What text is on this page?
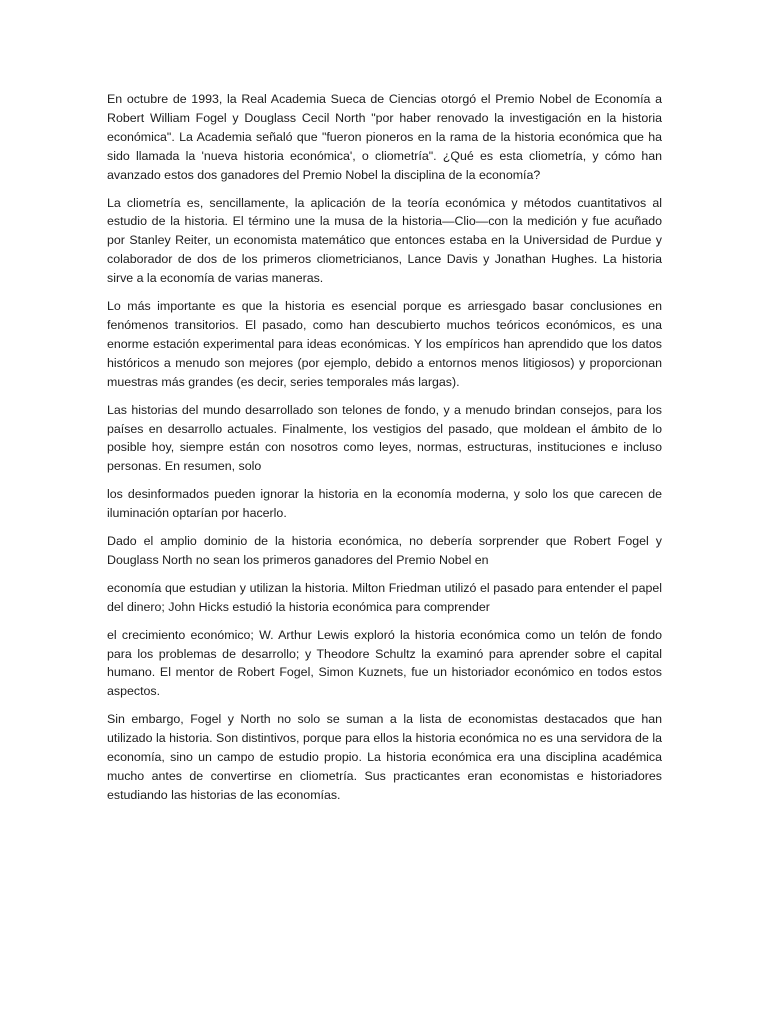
En octubre de 1993, la Real Academia Sueca de Ciencias otorgó el Premio Nobel de Economía a Robert William Fogel y Douglass Cecil North "por haber renovado la investigación en la historia económica". La Academia señaló que "fueron pioneros en la rama de la historia económica que ha sido llamada la 'nueva historia económica', o cliometría". ¿Qué es esta cliometría, y cómo han avanzado estos dos ganadores del Premio Nobel la disciplina de la economía?

La cliometría es, sencillamente, la aplicación de la teoría económica y métodos cuantitativos al estudio de la historia. El término une la musa de la historia—Clio—con la medición y fue acuñado por Stanley Reiter, un economista matemático que entonces estaba en la Universidad de Purdue y colaborador de dos de los primeros cliometricianos, Lance Davis y Jonathan Hughes. La historia sirve a la economía de varias maneras.

Lo más importante es que la historia es esencial porque es arriesgado basar conclusiones en fenómenos transitorios. El pasado, como han descubierto muchos teóricos económicos, es una enorme estación experimental para ideas económicas. Y los empíricos han aprendido que los datos históricos a menudo son mejores (por ejemplo, debido a entornos menos litigiosos) y proporcionan muestras más grandes (es decir, series temporales más largas).

Las historias del mundo desarrollado son telones de fondo, y a menudo brindan consejos, para los países en desarrollo actuales. Finalmente, los vestigios del pasado, que moldean el ámbito de lo posible hoy, siempre están con nosotros como leyes, normas, estructuras, instituciones e incluso personas. En resumen, solo

los desinformados pueden ignorar la historia en la economía moderna, y solo los que carecen de iluminación optarían por hacerlo.

Dado el amplio dominio de la historia económica, no debería sorprender que Robert Fogel y Douglass North no sean los primeros ganadores del Premio Nobel en

economía que estudian y utilizan la historia. Milton Friedman utilizó el pasado para entender el papel del dinero; John Hicks estudió la historia económica para comprender

el crecimiento económico; W. Arthur Lewis exploró la historia económica como un telón de fondo para los problemas de desarrollo; y Theodore Schultz la examinó para aprender sobre el capital humano. El mentor de Robert Fogel, Simon Kuznets, fue un historiador económico en todos estos aspectos.

Sin embargo, Fogel y North no solo se suman a la lista de economistas destacados que han utilizado la historia. Son distintivos, porque para ellos la historia económica no es una servidora de la economía, sino un campo de estudio propio. La historia económica era una disciplina académica mucho antes de convertirse en cliometría. Sus practicantes eran economistas e historiadores estudiando las historias de las economías.
